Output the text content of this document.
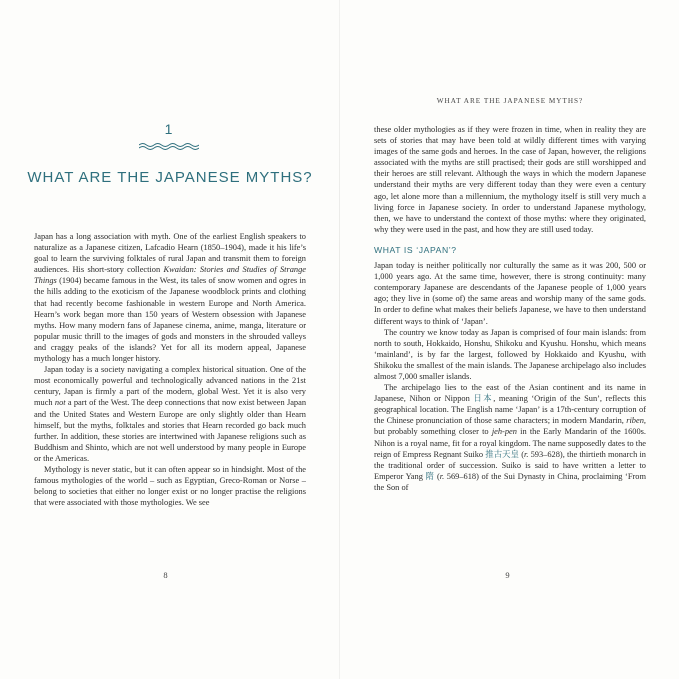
1
WHAT ARE THE JAPANESE MYTHS?

Japan has a long association with myth. One of the earliest English speakers to naturalize as a Japanese citizen, Lafcadio Hearn (1850–1904), made it his life’s goal to learn the surviving folktales of rural Japan and transmit them to foreign audiences. His short-story collection Kwaidan: Stories and Studies of Strange Things (1904) became famous in the West, its tales of snow women and ogres in the hills adding to the exoticism of the Japanese woodblock prints and clothing that had recently become fashionable in western Europe and North America. Hearn’s work began more than 150 years of Western obsession with Japanese myths. How many modern fans of Japanese cinema, anime, manga, literature or popular music thrill to the images of gods and monsters in the shrouded valleys and craggy peaks of the islands? Yet for all its modern appeal, Japanese mythology has a much longer history.

Japan today is a society navigating a complex historical situation. One of the most economically powerful and technologically advanced nations in the 21st century, Japan is firmly a part of the modern, global West. Yet it is also very much not a part of the West. The deep connections that now exist between Japan and the United States and Western Europe are only slightly older than Hearn himself, but the myths, folktales and stories that Hearn recorded go back much further. In addition, these stories are intertwined with Japanese religions such as Buddhism and Shinto, which are not well understood by many people in Europe or the Americas.

Mythology is never static, but it can often appear so in hindsight. Most of the famous mythologies of the world – such as Egyptian, Greco-Roman or Norse – belong to societies that either no longer exist or no longer practise the religions that were associated with those mythologies. We see

8
WHAT ARE THE JAPANESE MYTHS?

these older mythologies as if they were frozen in time, when in reality they are sets of stories that may have been told at wildly different times with varying images of the same gods and heroes. In the case of Japan, however, the religions associated with the myths are still practised; their gods are still worshipped and their heroes are still relevant. Although the ways in which the modern Japanese understand their myths are very different today than they were even a century ago, let alone more than a millennium, the mythology itself is still very much a living force in Japanese society. In order to understand Japanese mythology, then, we have to understand the context of those myths: where they originated, why they were used in the past, and how they are still used today.

WHAT IS ‘JAPAN’?

Japan today is neither politically nor culturally the same as it was 200, 500 or 1,000 years ago. At the same time, however, there is strong continuity: many contemporary Japanese are descendants of the Japanese people of 1,000 years ago; they live in (some of) the same areas and worship many of the same gods. In order to define what makes their beliefs Japanese, we have to then understand different ways to think of ‘Japan’.

The country we know today as Japan is comprised of four main islands: from north to south, Hokkaido, Honshu, Shikoku and Kyushu. Honshu, which means ‘mainland’, is by far the largest, followed by Hokkaido and Kyushu, with Shikoku the smallest of the main islands. The Japanese archipelago also includes almost 7,000 smaller islands.

The archipelago lies to the east of the Asian continent and its name in Japanese, Nihon or Nippon 日本, meaning ‘Origin of the Sun’, reflects this geographical location. The English name ‘Japan’ is a 17th-century corruption of the Chinese pronunciation of those same characters; in modern Mandarin, riben, but probably something closer to jeh-pen in the Early Mandarin of the 1600s. Nihon is a royal name, fit for a royal kingdom. The name supposedly dates to the reign of Empress Regnant Suiko 推古天皇 (r. 593–628), the thirtieth monarch in the traditional order of succession. Suiko is said to have written a letter to Emperor Yang 隋 (r. 569–618) of the Sui Dynasty in China, proclaiming ‘From the Son of

9
